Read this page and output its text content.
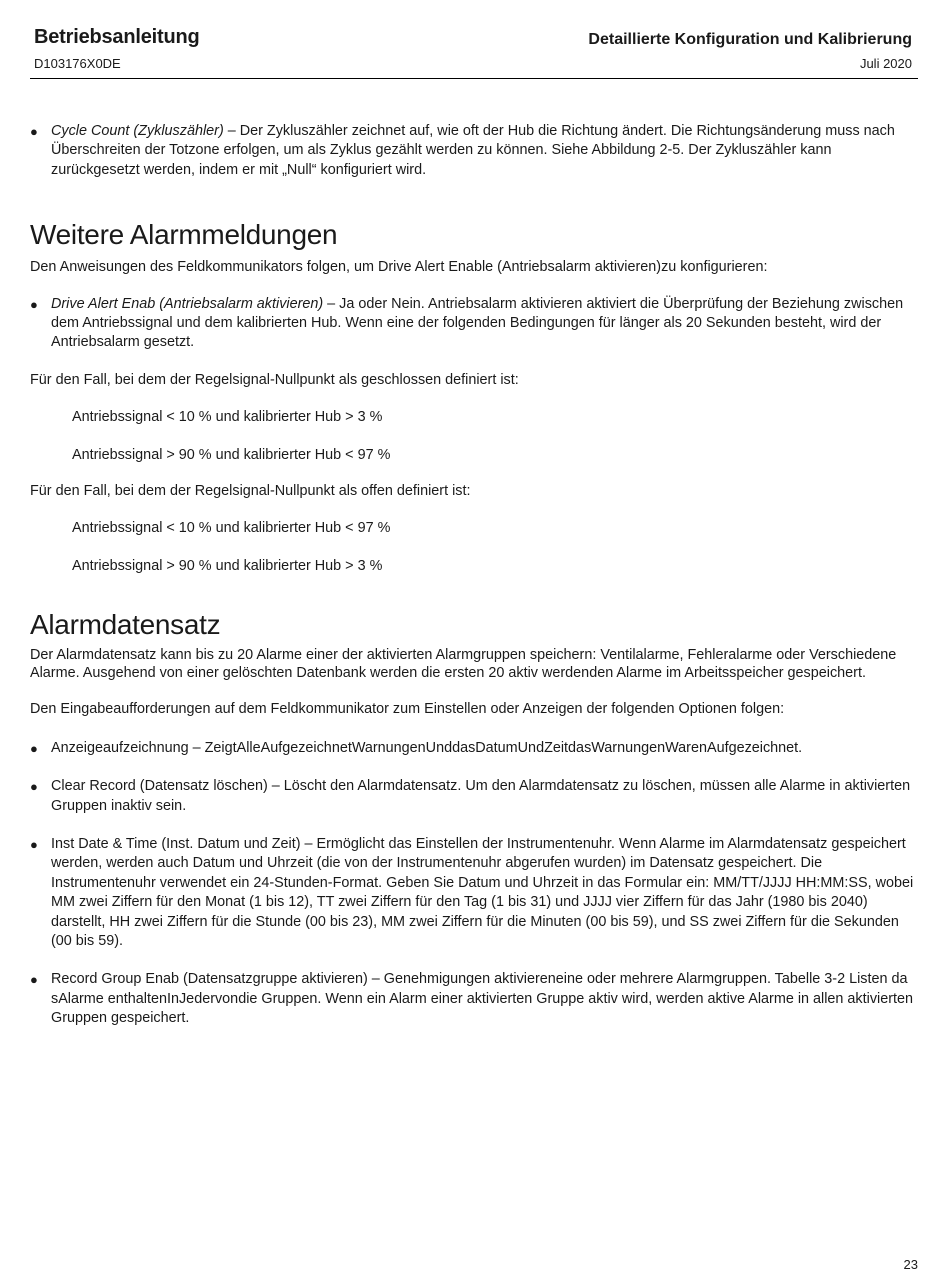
Betriebsanleitung
D103176X0DE
Detaillierte Konfiguration und Kalibrierung
Juli 2020

● Cycle Count (Zykluszähler) – Der Zykluszähler zeichnet auf, wie oft der Hub die Richtung ändert. Die Richtungsänderung muss nach Überschreiten der Totzone erfolgen, um als Zyklus gezählt werden zu können. Siehe Abbildung 2-5. Der Zykluszähler kann zurückgesetzt werden, indem er mit „Null“ konfiguriert wird.

Weitere Alarmmeldungen

Den Anweisungen des Feldkommunikators folgen, um Drive Alert Enable (Antriebsalarm aktivieren)zu konfigurieren:

● Drive Alert Enab (Antriebsalarm aktivieren) – Ja oder Nein. Antriebsalarm aktivieren aktiviert die Überprüfung der Beziehung zwischen dem Antriebssignal und dem kalibrierten Hub. Wenn eine der folgenden Bedingungen für länger als 20 Sekunden besteht, wird der Antriebsalarm gesetzt.

Für den Fall, bei dem der Regelsignal-Nullpunkt als geschlossen definiert ist:

Antriebssignal < 10 % und kalibrierter Hub > 3 %

Antriebssignal > 90 % und kalibrierter Hub < 97 %

Für den Fall, bei dem der Regelsignal-Nullpunkt als offen definiert ist:

Antriebssignal < 10 % und kalibrierter Hub < 97 %

Antriebssignal > 90 % und kalibrierter Hub > 3 %

Alarmdatensatz

Der Alarmdatensatz kann bis zu 20 Alarme einer der aktivierten Alarmgruppen speichern: Ventilalarme, Fehleralarme oder Verschiedene Alarme. Ausgehend von einer gelöschten Datenbank werden die ersten 20 aktiv werdenden Alarme im Arbeitsspeicher gespeichert.

Den Eingabeaufforderungen auf dem Feldkommunikator zum Einstellen oder Anzeigen der folgenden Optionen folgen:

● Anzeigeaufzeichnung – ZeigtAlleAufgezeichnetWarnungenUnddasDatumUndZeitdasWarnungenWarenAufgezeichnet.

● Clear Record (Datensatz löschen) – Löscht den Alarmdatensatz. Um den Alarmdatensatz zu löschen, müssen alle Alarme in aktivierten Gruppen inaktiv sein.

● Inst Date & Time (Inst. Datum und Zeit) – Ermöglicht das Einstellen der Instrumentenuhr. Wenn Alarme im Alarmdatensatz gespeichert werden, werden auch Datum und Uhrzeit (die von der Instrumentenuhr abgerufen wurden) im Datensatz gespeichert. Die Instrumentenuhr verwendet ein 24-Stunden-Format. Geben Sie Datum und Uhrzeit in das Formular ein: MM/TT/JJJJ HH:MM:SS, wobei MM zwei Ziffern für den Monat (1 bis 12), TT zwei Ziffern für den Tag (1 bis 31) und JJJJ vier Ziffern für das Jahr (1980 bis 2040) darstellt, HH zwei Ziffern für die Stunde (00 bis 23), MM zwei Ziffern für die Minuten (00 bis 59), und SS zwei Ziffern für die Sekunden (00 bis 59).

● Record Group Enab (Datensatzgruppe aktivieren) – Genehmigungen aktiviereneine oder mehrere Alarmgruppen. Tabelle 3-2 Listen da sAlarme enthaltenInJedervondie Gruppen. Wenn ein Alarm einer aktivierten Gruppe aktiv wird, werden aktive Alarme in allen aktivierten Gruppen gespeichert.

23
